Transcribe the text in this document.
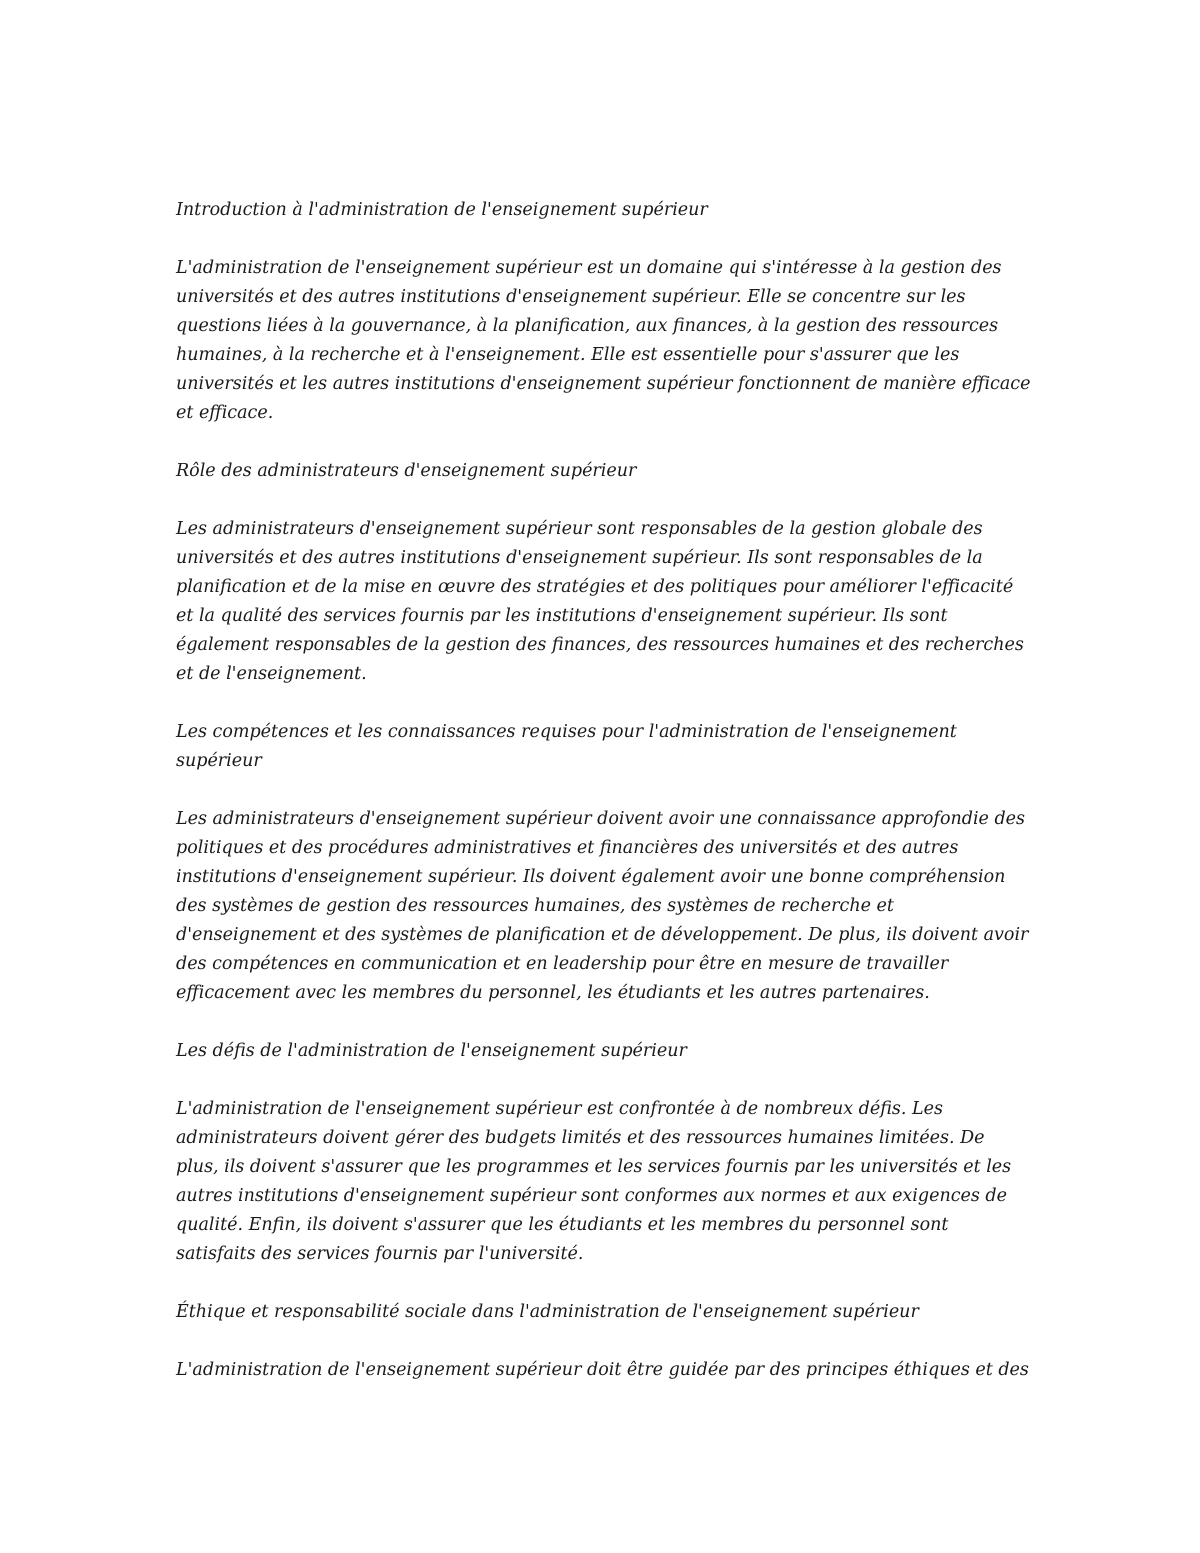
Introduction à l'administration de l'enseignement supérieur

L'administration de l'enseignement supérieur est un domaine qui s'intéresse à la gestion des universités et des autres institutions d'enseignement supérieur. Elle se concentre sur les questions liées à la gouvernance, à la planification, aux finances, à la gestion des ressources humaines, à la recherche et à l'enseignement. Elle est essentielle pour s'assurer que les universités et les autres institutions d'enseignement supérieur fonctionnent de manière efficace et efficace.

Rôle des administrateurs d'enseignement supérieur

Les administrateurs d'enseignement supérieur sont responsables de la gestion globale des universités et des autres institutions d'enseignement supérieur. Ils sont responsables de la planification et de la mise en œuvre des stratégies et des politiques pour améliorer l'efficacité et la qualité des services fournis par les institutions d'enseignement supérieur. Ils sont également responsables de la gestion des finances, des ressources humaines et des recherches et de l'enseignement.

Les compétences et les connaissances requises pour l'administration de l'enseignement supérieur

Les administrateurs d'enseignement supérieur doivent avoir une connaissance approfondie des politiques et des procédures administratives et financières des universités et des autres institutions d'enseignement supérieur. Ils doivent également avoir une bonne compréhension des systèmes de gestion des ressources humaines, des systèmes de recherche et d'enseignement et des systèmes de planification et de développement. De plus, ils doivent avoir des compétences en communication et en leadership pour être en mesure de travailler efficacement avec les membres du personnel, les étudiants et les autres partenaires.

Les défis de l'administration de l'enseignement supérieur

L'administration de l'enseignement supérieur est confrontée à de nombreux défis. Les administrateurs doivent gérer des budgets limités et des ressources humaines limitées. De plus, ils doivent s'assurer que les programmes et les services fournis par les universités et les autres institutions d'enseignement supérieur sont conformes aux normes et aux exigences de qualité. Enfin, ils doivent s'assurer que les étudiants et les membres du personnel sont satisfaits des services fournis par l'université.

Éthique et responsabilité sociale dans l'administration de l'enseignement supérieur

L'administration de l'enseignement supérieur doit être guidée par des principes éthiques et des
